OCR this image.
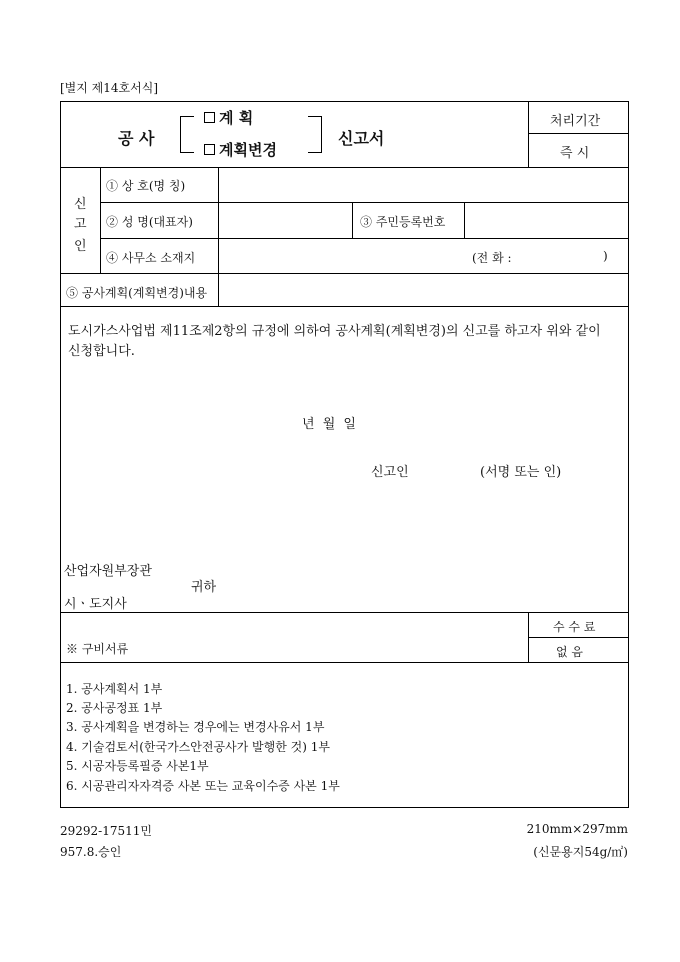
[별지 제14호서식]
공 사
계 획
계획변경
신고서
처리기간
즉 시
신
고
인
① 상 호(명 칭)
② 성 명(대표자)	③ 주민등록번호
④ 사무소 소재지	(전 화 :	)
⑤ 공사계획(계획변경)내용
도시가스사업법 제11조제2항의 규정에 의하여 공사계획(계획변경)의 신고를 하고자 위와 같이 신청합니다.
년 월 일
신고인	(서명 또는 인)
산업자원부장관
귀하
시ㆍ도지사
※ 구비서류
수 수 료
없 음
1. 공사계획서 1부
2. 공사공정표 1부
3. 공사계획을 변경하는 경우에는 변경사유서 1부
4. 기술검토서(한국가스안전공사가 발행한 것) 1부
5. 시공자등록필증 사본1부
6. 시공관리자자격증 사본 또는 교육이수증 사본 1부
29292-17511민
957.8.승인
210mm×297mm
(신문용지54g/㎡)
